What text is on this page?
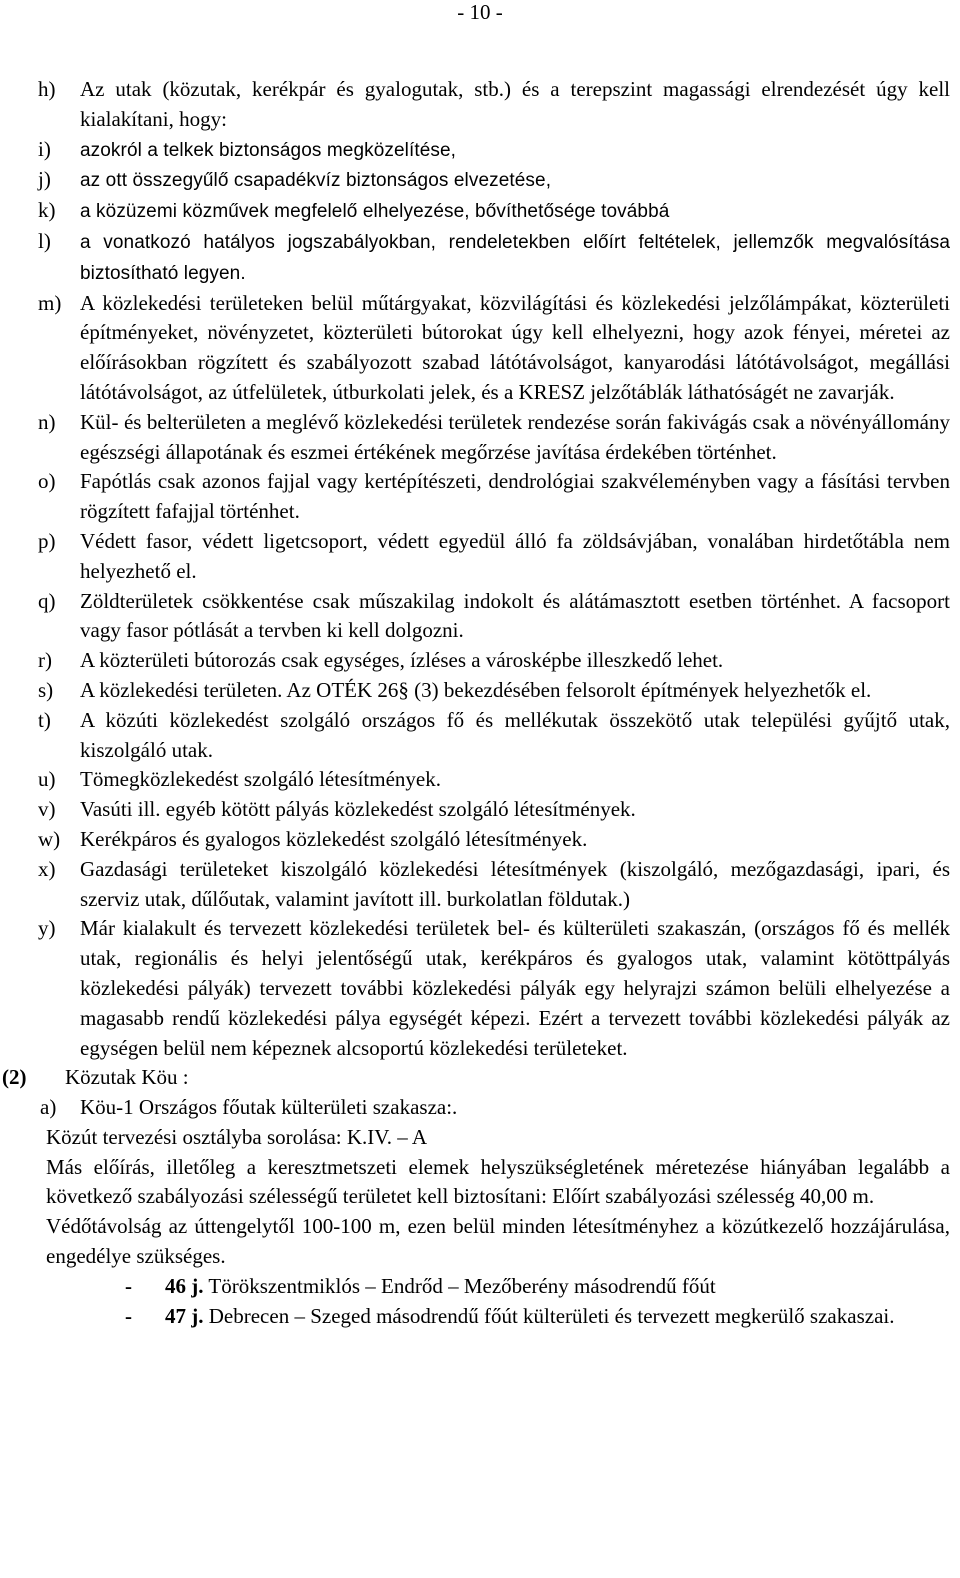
- 10 -
h) Az utak (közutak, kerékpár és gyalogutak, stb.) és a terepszint magassági elrendezését úgy kell kialakítani, hogy:
i) azokról a telkek biztonságos megközelítése,
j) az ott összegyűlő csapadékvíz biztonságos elvezetése,
k) a közüzemi közművek megfelelő elhelyezése, bővíthetősége továbbá
l) a vonatkozó hatályos jogszabályokban, rendeletekben előírt feltételek, jellemzők megvalósítása biztosítható legyen.
m) A közlekedési területeken belül műtárgyakat, közvilágítási és közlekedési jelzőlámpákat, közterületi építményeket, növényzetet, közterületi bútorokat úgy kell elhelyezni, hogy azok fényei, méretei az előírásokban rögzített és szabályozott szabad látótávolságot, kanyarodási látótávolságot, megállási látótávolságot, az útfelületek, útburkolati jelek, és a KRESZ jelzőtáblák láthatóságét ne zavarják.
n) Kül- és belterületen a meglévő közlekedési területek rendezése során fakivágás csak a növényállomány egészségi állapotának és eszmei értékének megőrzése javítása érdekében történhet.
o) Fapótlás csak azonos fajjal vagy kertépítészeti, dendrológiai szakvéleményben vagy a fásítási tervben rögzített fafajjal történhet.
p) Védett fasor, védett ligetcsoport, védett egyedül álló fa zöldsávjában, vonalában hirdetőtábla nem helyezhető el.
q) Zöldterületek csökkentése csak műszakilag indokolt és alátámasztott esetben történhet. A facsoport vagy fasor pótlását a tervben ki kell dolgozni.
r) A közterületi bútorozás csak egységes, ízléses a városképbe illeszkedő lehet.
s) A közlekedési területen. Az OTÉK 26§ (3) bekezdésében felsorolt építmények helyezhetők el.
t) A közúti közlekedést szolgáló országos fő és mellékutak összekötő utak települési gyűjtő utak, kiszolgáló utak.
u) Tömegközlekedést szolgáló létesítmények.
v) Vasúti ill. egyéb kötött pályás közlekedést szolgáló létesítmények.
w) Kerékpáros és gyalogos közlekedést szolgáló létesítmények.
x) Gazdasági területeket kiszolgáló közlekedési létesítmények (kiszolgáló, mezőgazdasági, ipari, és szerviz utak, dűlőutak, valamint javított ill. burkolatlan földutak.)
y) Már kialakult és tervezett közlekedési területek bel- és külterületi szakaszán, (országos fő és mellék utak, regionális és helyi jelentőségű utak, kerékpáros és gyalogos utak, valamint kötöttpályás közlekedési pályák) tervezett további közlekedési pályák egy helyrajzi számon belüli elhelyezése a magasabb rendű közlekedési pálya egységét képezi. Ezért a tervezett további közlekedési pályák az egységen belül nem képeznek alcsoportú közlekedési területeket.
(2) Közutak Köu :
a) Köu-1 Országos főutak külterületi szakasza:.
Közút tervezési osztályba sorolása: K.IV. – A
Más előírás, illetőleg a keresztmetszeti elemek helyszükségletének méretezése hiányában legalább a következő szabályozási szélességű területet kell biztosítani: Előírt szabályozási szélesség 40,00 m.
Védőtávolság az úttengelytől 100-100 m, ezen belül minden létesítményhez a közútkezelő hozzájárulása, engedélye szükséges.
- 46 j. Törökszentmiklós – Endrőd – Mezőberény másodrendű főút
- 47 j. Debrecen – Szeged másodrendű főút külterületi és tervezett megkerülő szakaszai.
